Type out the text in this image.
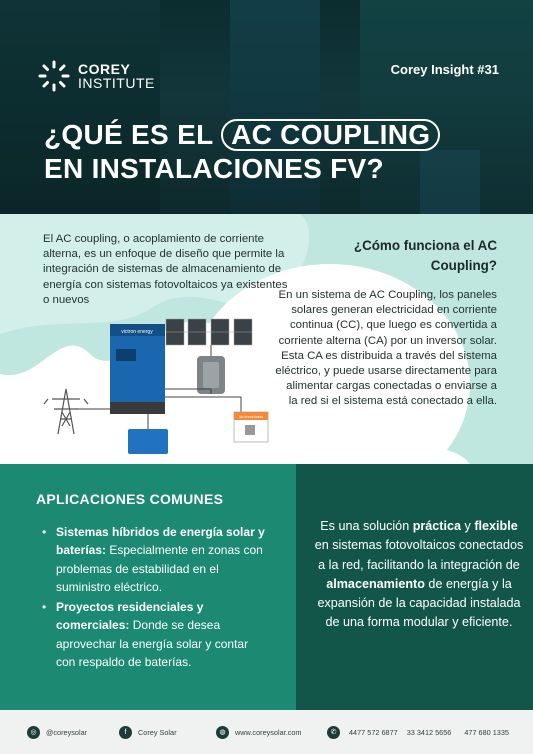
COREY
INSTITUTE
Corey Insight #31
¿QUÉ ES EL AC COUPLING
EN INSTALACIONES FV?

El AC coupling, o acoplamiento de corriente alterna, es un enfoque de diseño que permite la integración de sistemas de almacenamiento de energía con sistemas fotovoltaicos ya existentes o nuevos

victron energy
No break loads
¿Cómo funciona el AC Coupling?

En un sistema de AC Coupling, los paneles solares generan electricidad en corriente continua (CC), que luego es convertida a corriente alterna (CA) por un inversor solar. Esta CA es distribuida a través del sistema eléctrico, y puede usarse directamente para alimentar cargas conectadas o enviarse a la red si el sistema está conectado a ella.

APLICACIONES COMUNES
• Sistemas híbridos de energía solar y baterías: Especialmente en zonas con problemas de estabilidad en el suministro eléctrico.
• Proyectos residenciales y comerciales: Donde se desea aprovechar la energía solar y contar con respaldo de baterías.

Es una solución práctica y flexible en sistemas fotovoltaicos conectados a la red, facilitando la integración de almacenamiento de energía y la expansión de la capacidad instalada de una forma modular y eficiente.

◎	@coreysolar	f	Corey Solar	◍	www.coreysolar.com	✆	4477 572 6877 33 3412 5656 477 680 1335
